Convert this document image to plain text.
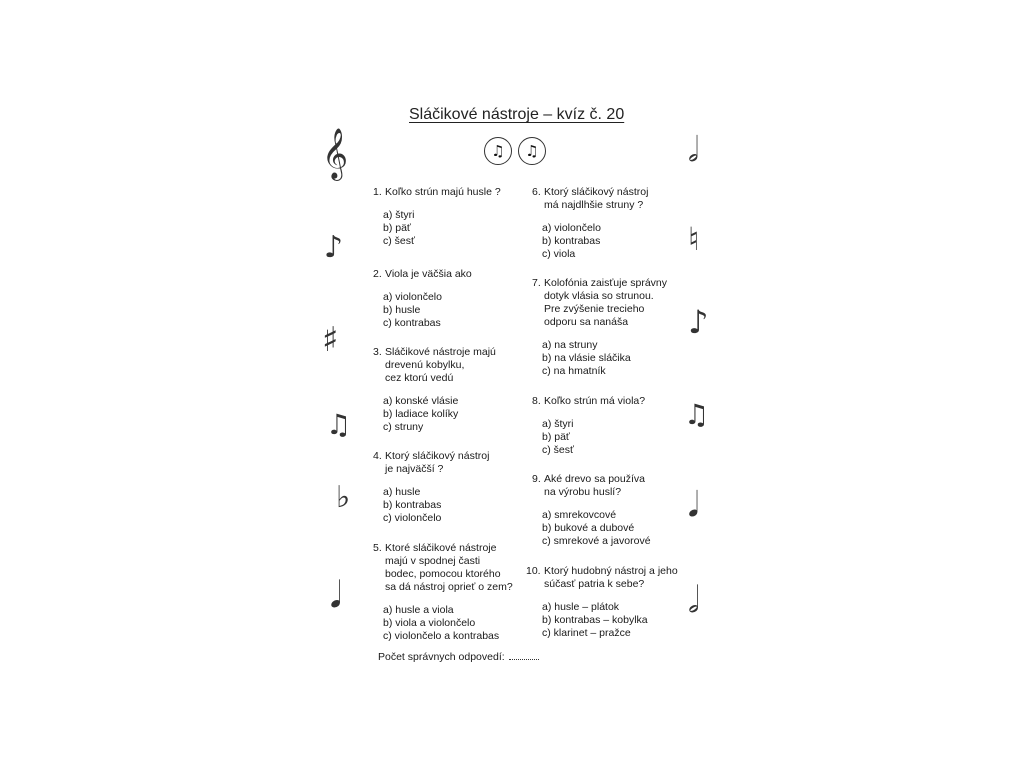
Sláčikové nástroje – kvíz č. 20
♫	♫
𝄞
♪
♯
♫
♭
𝅘𝅥
𝅗𝅥
♮
♪
♫
𝅘𝅥
𝅗𝅥
1. Koľko strún majú husle ?
a) štyri
b) päť
c) šesť
2. Viola je väčšia ako
a) violončelo
b) husle
c) kontrabas
3. Sláčikové nástroje majú
drevenú kobylku,
cez ktorú vedú
a) konské vlásie
b) ladiace kolíky
c) struny
4. Ktorý sláčikový nástroj
je najväčší ?
a) husle
b) kontrabas
c) violončelo
5. Ktoré sláčikové nástroje
majú v spodnej časti
bodec, pomocou ktorého
sa dá nástroj oprieť o zem?
a) husle a viola
b) viola a violončelo
c) violončelo a kontrabas
6. Ktorý sláčikový nástroj
má najdlhšie struny ?
a) violončelo
b) kontrabas
c) viola
7. Kolofónia zaisťuje správny
dotyk vlásia so strunou.
Pre zvýšenie trecieho
odporu sa nanáša
a) na struny
b) na vlásie sláčika
c) na hmatník
8. Koľko strún má viola?
a) štyri
b) päť
c) šesť
9. Aké drevo sa používa
na výrobu huslí?
a) smrekovcové
b) bukové a dubové
c) smrekové a javorové
10. Ktorý hudobný nástroj a jeho
súčasť patria k sebe?
a) husle – plátok
b) kontrabas – kobylka
c) klarinet – pražce
Počet správnych odpovedí:
